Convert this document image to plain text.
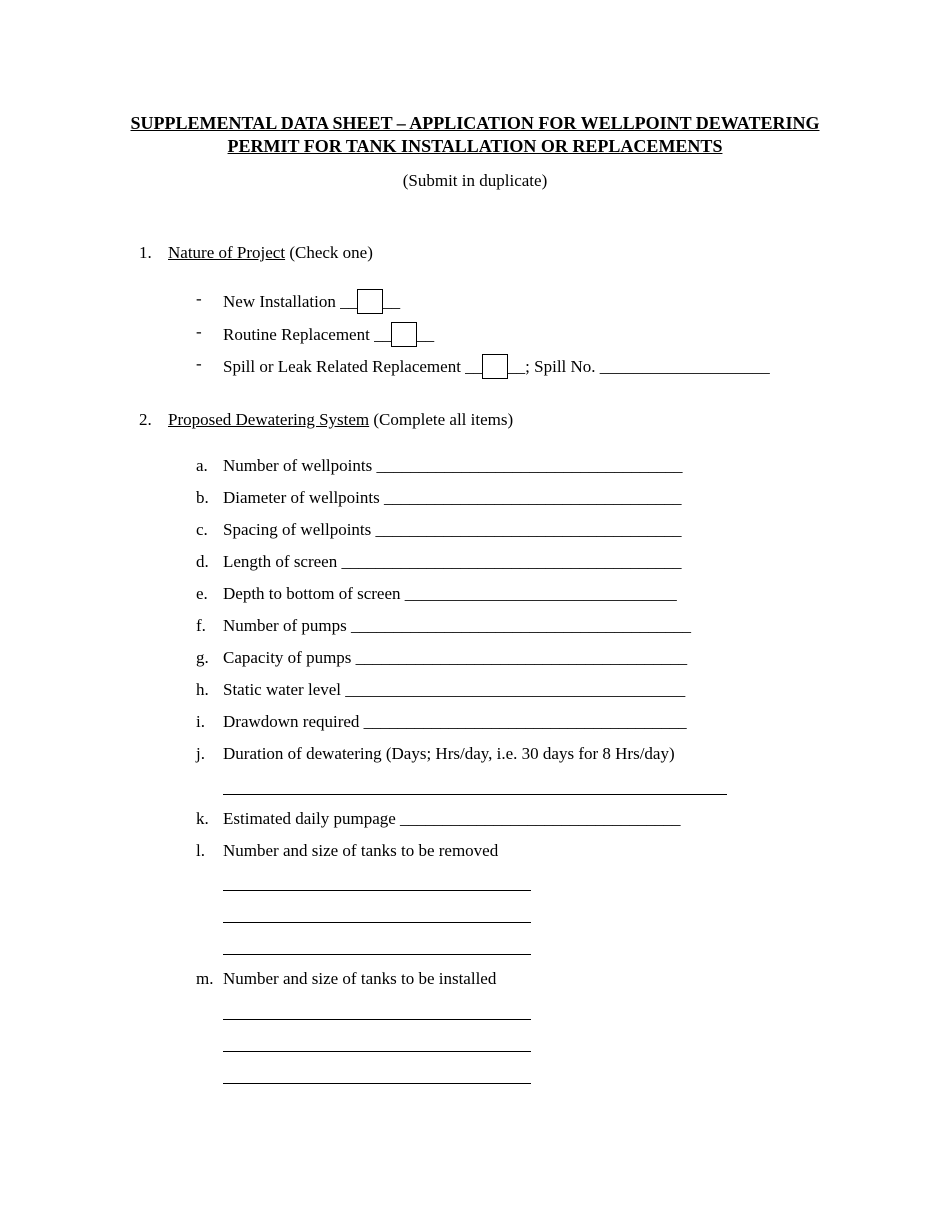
SUPPLEMENTAL DATA SHEET – APPLICATION FOR WELLPOINT DEWATERING
PERMIT FOR TANK INSTALLATION OR REPLACEMENTS
(Submit in duplicate)
1. Nature of Project (Check one)
- New Installation __ __
- Routine Replacement __ __
- Spill or Leak Related Replacement __ __; Spill No. ____________________
2. Proposed Dewatering System (Complete all items)
a. Number of wellpoints ____________________________________
b. Diameter of wellpoints ___________________________________
c. Spacing of wellpoints ____________________________________
d. Length of screen ________________________________________
e. Depth to bottom of screen ________________________________
f. Number of pumps ________________________________________
g. Capacity of pumps _______________________________________
h. Static water level ________________________________________
i. Drawdown required ______________________________________
j. Duration of dewatering (Days; Hrs/day, i.e. 30 days for 8 Hrs/day)
k. Estimated daily pumpage _________________________________
l. Number and size of tanks to be removed
m. Number and size of tanks to be installed
